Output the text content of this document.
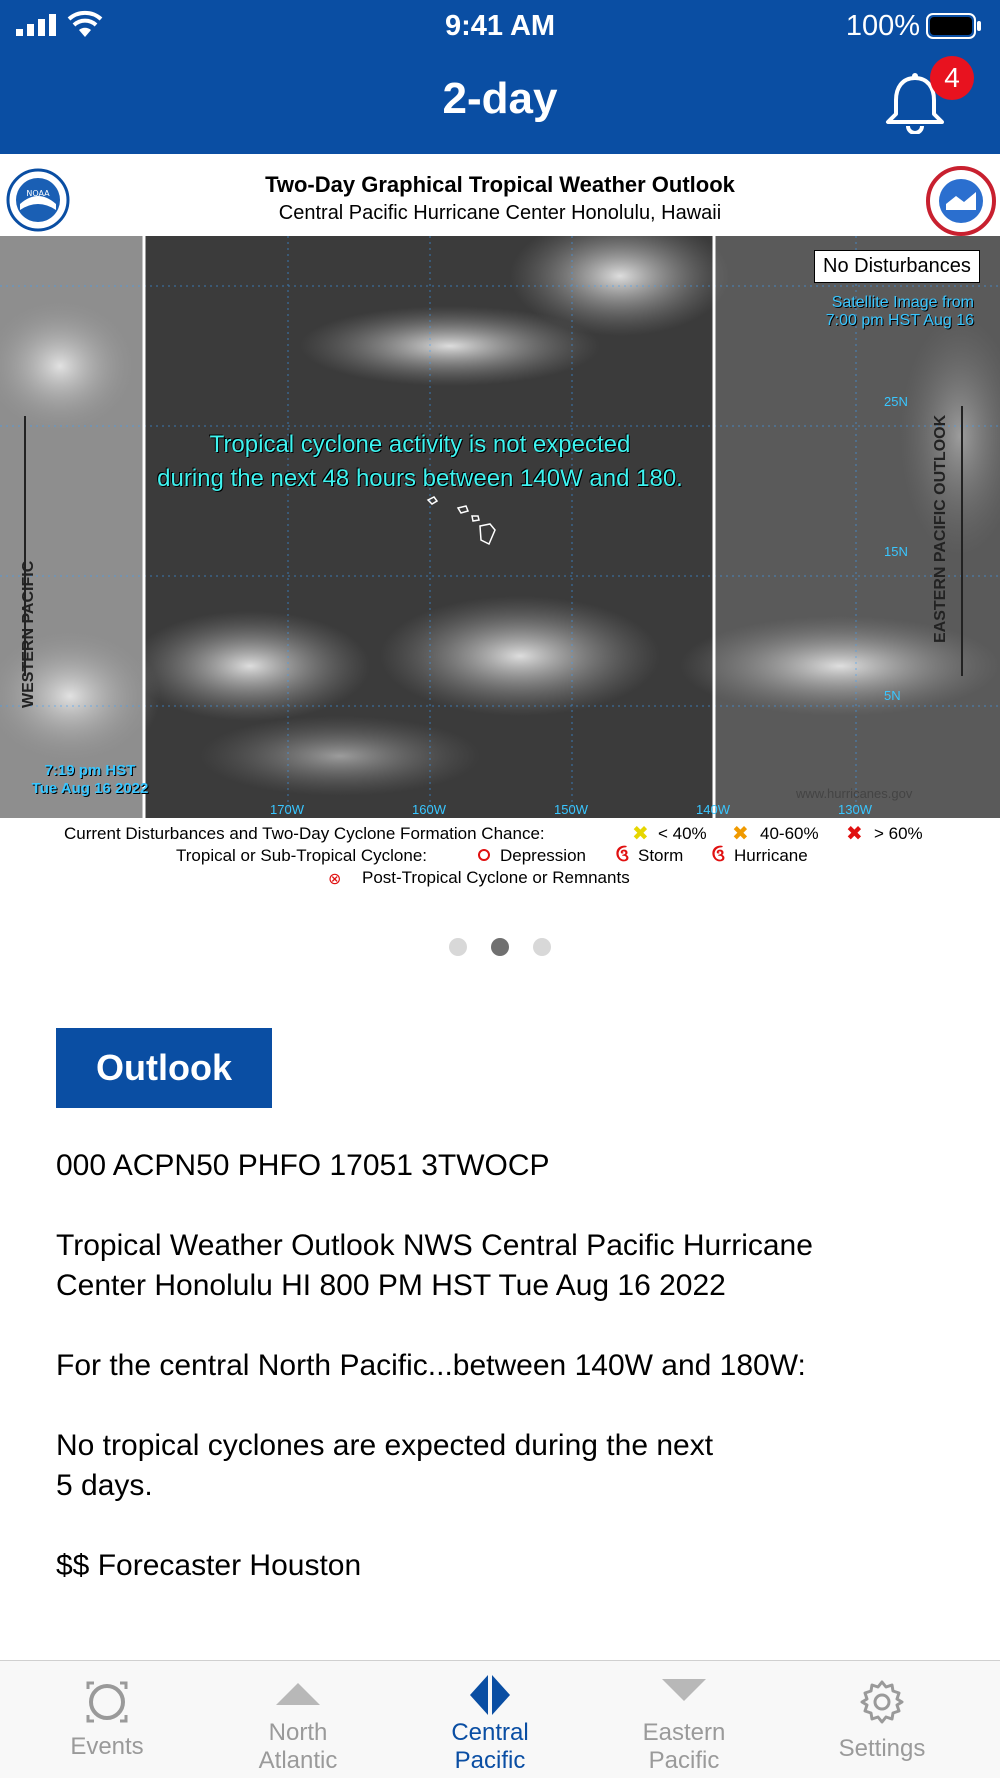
9:41 AM	100%
2-day	4
NOAA	Two-Day Graphical Tropical Weather Outlook
Central Pacific Hurricane Center Honolulu, Hawaii
No Disturbances
Satellite Image from
7:00 pm HST Aug 16
Tropical cyclone activity is not expected
during the next 48 hours between 140W and 180.
WESTERN PACIFIC	EASTERN PACIFIC OUTLOOK
7:19 pm HST
Tue Aug 16 2022	www.hurricanes.gov
170W	160W	150W	140W	130W
25N
15N
5N
Current Disturbances and Two-Day Cyclone Formation Chance:	✖ < 40% ✖ 40-60% ✖ > 60%
Tropical or Sub-Tropical Cyclone:	Depression ઉ Storm ઉ Hurricane
⊗ Post-Tropical Cyclone or Remnants
Outlook
000 ACPN50 PHFO 17051 3TWOCP
Tropical Weather Outlook NWS Central Pacific Hurricane
Center Honolulu HI 800 PM HST Tue Aug 16 2022
For the central North Pacific...between 140W and 180W:
No tropical cyclones are expected during the next
5 days.
$$ Forecaster Houston
Events
North
Atlantic
Central
Pacific
Eastern
Pacific	Settings
